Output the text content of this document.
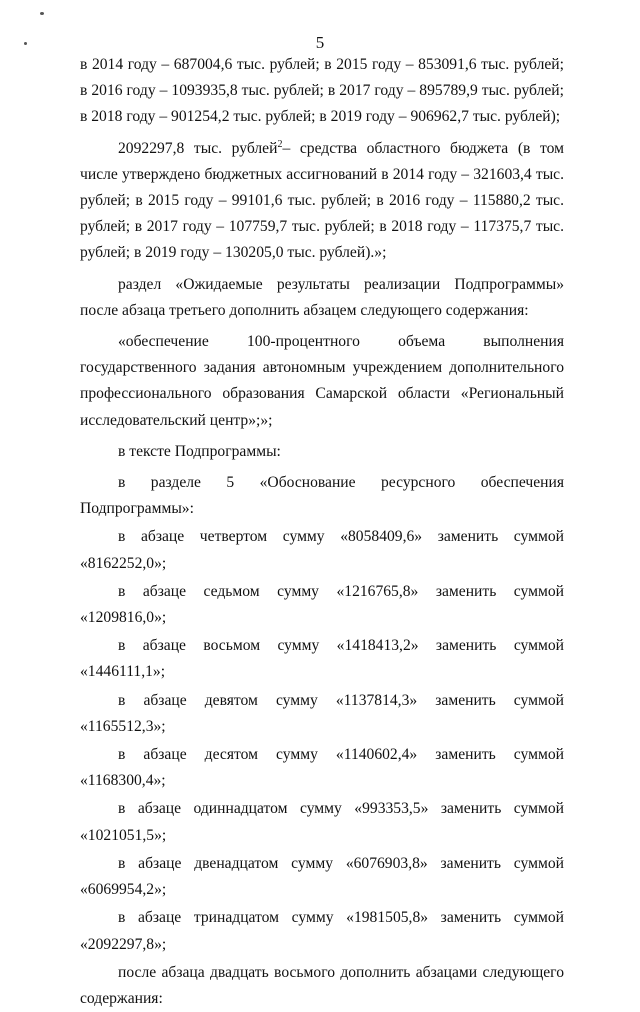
5

в 2014 году – 687004,6 тыс. рублей; в 2015 году – 853091,6 тыс. рублей;

в 2016 году – 1093935,8 тыс. рублей; в 2017 году – 895789,9 тыс. рублей;

в 2018 году – 901254,2 тыс. рублей; в 2019 году – 906962,7 тыс. рублей);

2092297,8 тыс. рублей$^2$– средства областного бюджета (в том числе утверждено бюджетных ассигнований в 2014 году – 321603,4 тыс. рублей; в 2015 году – 99101,6 тыс. рублей; в 2016 году – 115880,2 тыс. рублей; в 2017 году – 107759,7 тыс. рублей; в 2018 году – 117375,7 тыс. рублей; в 2019 году – 130205,0 тыс. рублей).»;

раздел «Ожидаемые результаты реализации Подпрограммы» после абзаца третьего дополнить абзацем следующего содержания:

«обеспечение 100-процентного объема выполнения государственного задания автономным учреждением дополнительного профессионального образования Самарской области «Региональный исследовательский центр»;»;

в тексте Подпрограммы:

в разделе 5 «Обоснование ресурсного обеспечения Подпрограммы»:

в абзаце четвертом сумму «8058409,6» заменить суммой «8162252,0»;

в абзаце седьмом сумму «1216765,8» заменить суммой «1209816,0»;

в абзаце восьмом сумму «1418413,2» заменить суммой «1446111,1»;

в абзаце девятом сумму «1137814,3» заменить суммой «1165512,3»;

в абзаце десятом сумму «1140602,4» заменить суммой «1168300,4»;

в абзаце одиннадцатом сумму «993353,5» заменить суммой «1021051,5»;

в абзаце двенадцатом сумму «6076903,8» заменить суммой «6069954,2»;

в абзаце тринадцатом сумму «1981505,8» заменить суммой «2092297,8»;

после абзаца двадцать восьмого дополнить абзацами следующего содержания:
